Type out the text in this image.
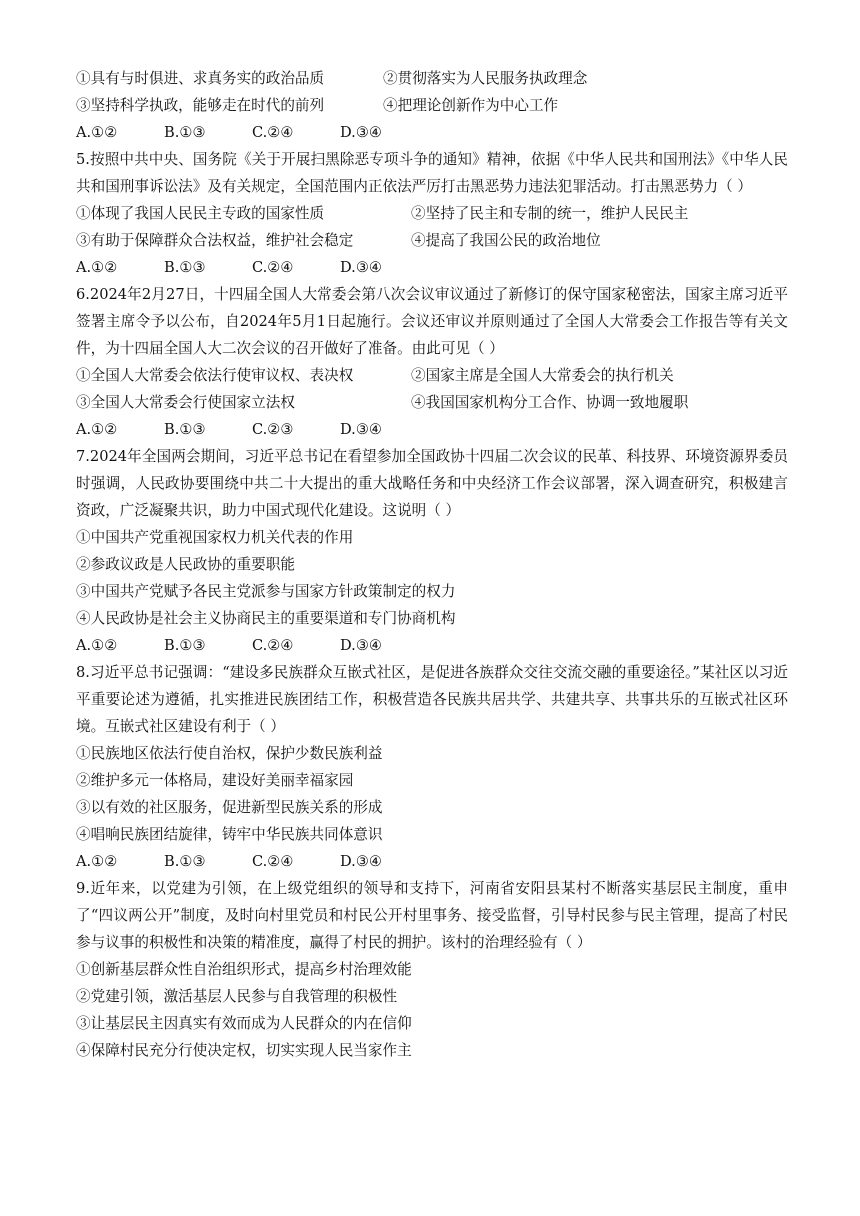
①具有与时俱进、求真务实的政治品质	②贯彻落实为人民服务执政理念
③坚持科学执政，能够走在时代的前列	④把理论创新作为中心工作
A.①②	B.①③	C.②④	D.③④
5.按照中共中央、国务院《关于开展扫黑除恶专项斗争的通知》精神，依据《中华人民共和国刑法》《中华人民共和国刑事诉讼法》及有关规定，全国范围内正依法严厉打击黑恶势力违法犯罪活动。打击黑恶势力（ ）
①体现了我国人民民主专政的国家性质	②坚持了民主和专制的统一，维护人民民主
③有助于保障群众合法权益，维护社会稳定	④提高了我国公民的政治地位
A.①②	B.①③	C.②④	D.③④
6.2024年2月27日，十四届全国人大常委会第八次会议审议通过了新修订的保守国家秘密法，国家主席习近平签署主席令予以公布，自2024年5月1日起施行。会议还审议并原则通过了全国人大常委会工作报告等有关文件，为十四届全国人大二次会议的召开做好了准备。由此可见（ ）
①全国人大常委会依法行使审议权、表决权	②国家主席是全国人大常委会的执行机关
③全国人大常委会行使国家立法权	④我国国家机构分工合作、协调一致地履职
A.①②	B.①③	C.②③	D.③④
7.2024年全国两会期间，习近平总书记在看望参加全国政协十四届二次会议的民革、科技界、环境资源界委员时强调，人民政协要围绕中共二十大提出的重大战略任务和中央经济工作会议部署，深入调查研究，积极建言资政，广泛凝聚共识，助力中国式现代化建设。这说明（ ）
①中国共产党重视国家权力机关代表的作用
②参政议政是人民政协的重要职能
③中国共产党赋予各民主党派参与国家方针政策制定的权力
④人民政协是社会主义协商民主的重要渠道和专门协商机构
A.①②	B.①③	C.②④	D.③④
8.习近平总书记强调：“建设多民族群众互嵌式社区，是促进各族群众交往交流交融的重要途径。”某社区以习近平重要论述为遵循，扎实推进民族团结工作，积极营造各民族共居共学、共建共享、共事共乐的互嵌式社区环境。互嵌式社区建设有利于（ ）
①民族地区依法行使自治权，保护少数民族利益
②维护多元一体格局，建设好美丽幸福家园
③以有效的社区服务，促进新型民族关系的形成
④唱响民族团结旋律，铸牢中华民族共同体意识
A.①②	B.①③	C.②④	D.③④
9.近年来，以党建为引领，在上级党组织的领导和支持下，河南省安阳县某村不断落实基层民主制度，重申了“四议两公开”制度，及时向村里党员和村民公开村里事务、接受监督，引导村民参与民主管理，提高了村民参与议事的积极性和决策的精准度，赢得了村民的拥护。该村的治理经验有（ ）
①创新基层群众性自治组织形式，提高乡村治理效能
②党建引领，激活基层人民参与自我管理的积极性
③让基层民主因真实有效而成为人民群众的内在信仰
④保障村民充分行使决定权，切实实现人民当家作主
